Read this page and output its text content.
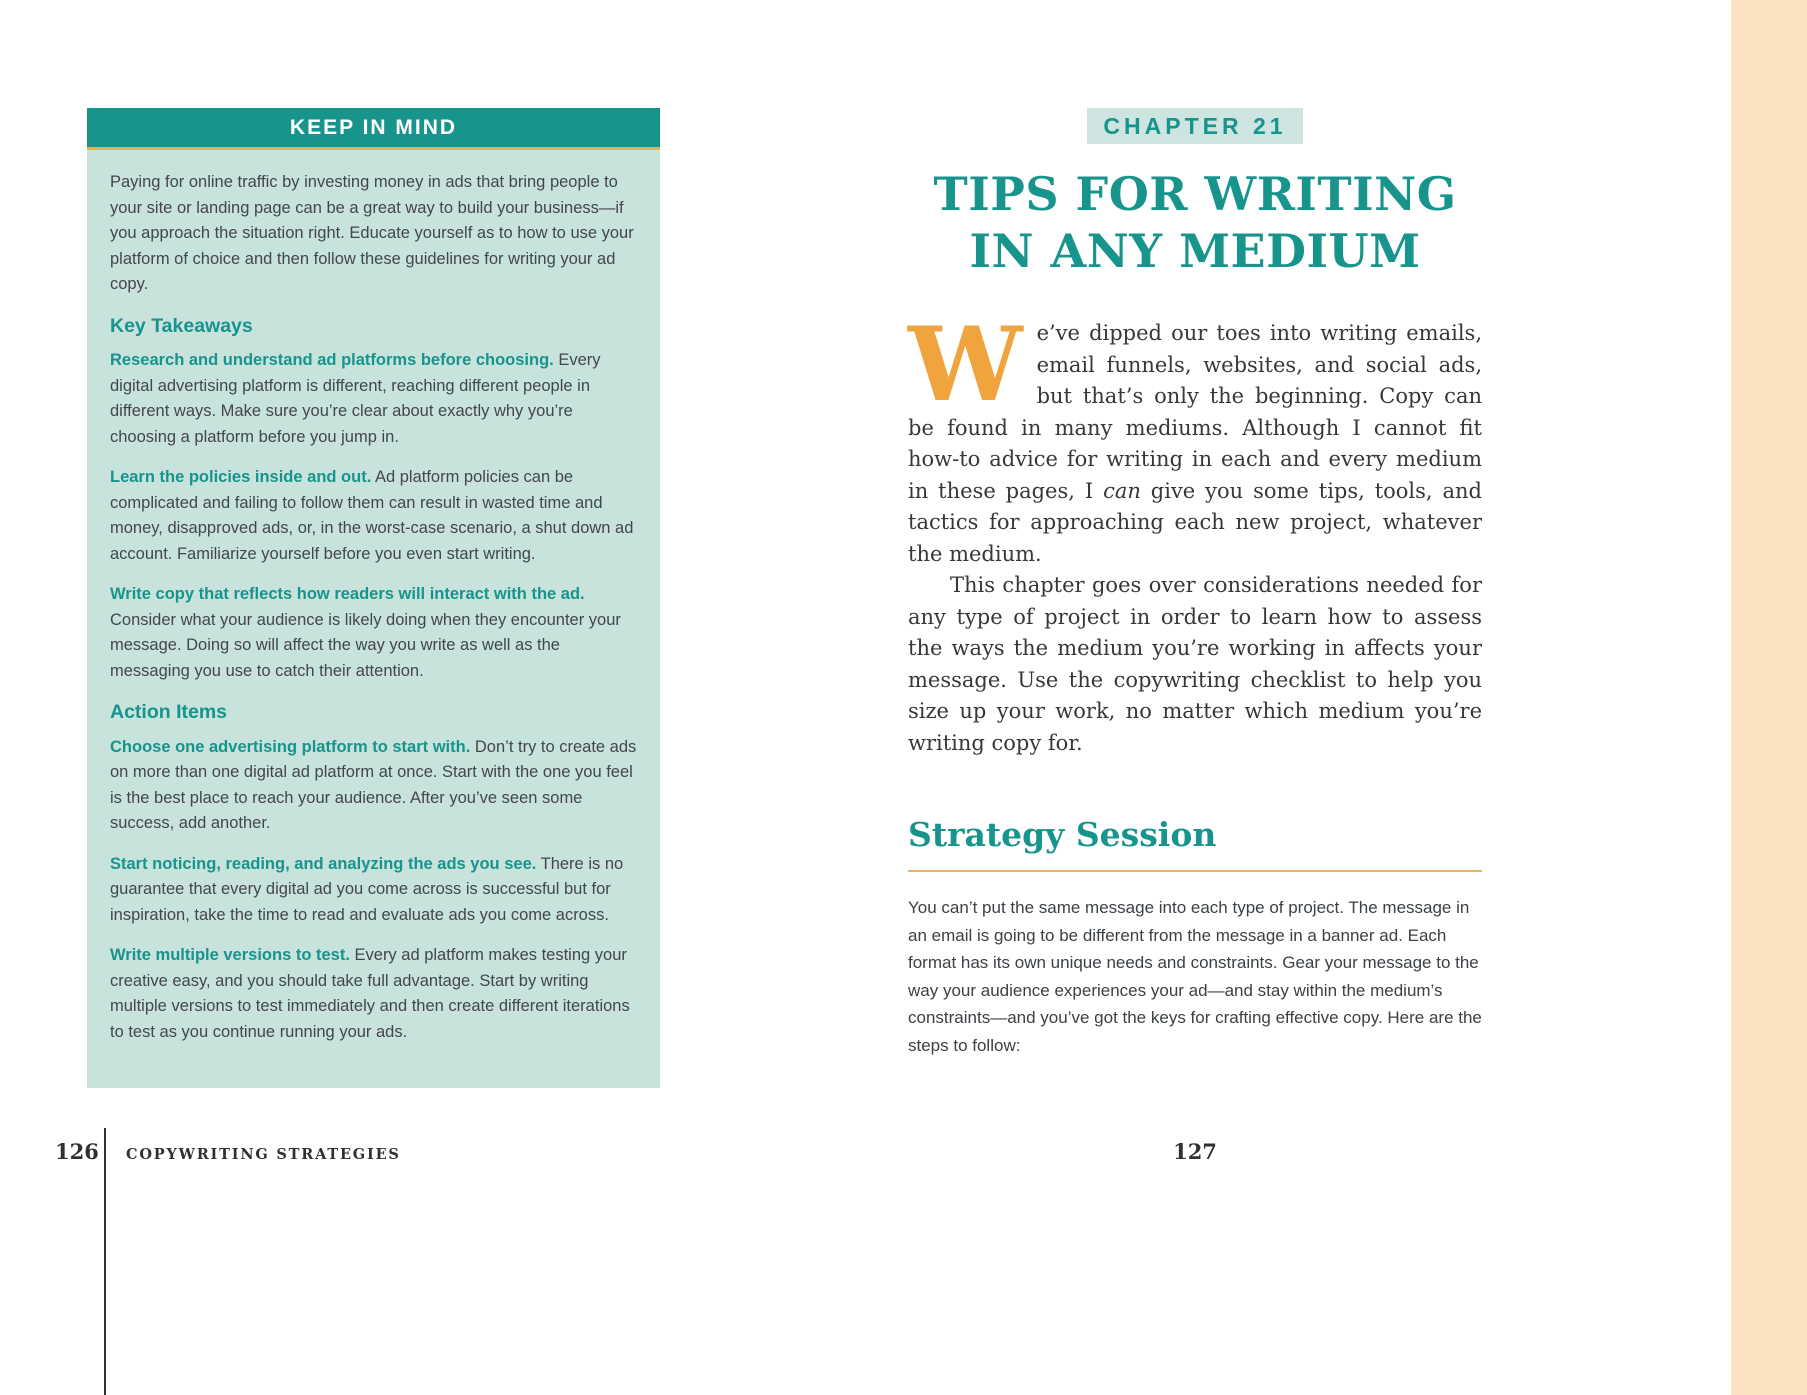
KEEP IN MIND

Paying for online traffic by investing money in ads that bring people to your site or landing page can be a great way to build your business—if you approach the situation right. Educate yourself as to how to use your platform of choice and then follow these guidelines for writing your ad copy.

Key Takeaways

Research and understand ad platforms before choosing. Every digital advertising platform is different, reaching different people in different ways. Make sure you’re clear about exactly why you’re choosing a platform before you jump in.

Learn the policies inside and out. Ad platform policies can be complicated and failing to follow them can result in wasted time and money, disapproved ads, or, in the worst-case scenario, a shut down ad account. Familiarize yourself before you even start writing.

Write copy that reflects how readers will interact with the ad. Consider what your audience is likely doing when they encounter your message. Doing so will affect the way you write as well as the messaging you use to catch their attention.

Action Items

Choose one advertising platform to start with. Don’t try to create ads on more than one digital ad platform at once. Start with the one you feel is the best place to reach your audience. After you’ve seen some success, add another.

Start noticing, reading, and analyzing the ads you see. There is no guarantee that every digital ad you come across is successful but for inspiration, take the time to read and evaluate ads you come across.

Write multiple versions to test. Every ad platform makes testing your creative easy, and you should take full advantage. Start by writing multiple versions to test immediately and then create different iterations to test as you continue running your ads.

126 COPYWRITING STRATEGIES
CHAPTER 21
TIPS FOR WRITING
IN ANY MEDIUM

We’ve dipped our toes into writing emails, email funnels, websites, and social ads, but that’s only the beginning. Copy can be found in many mediums. Although I cannot fit how-to advice for writing in each and every medium in these pages, I can give you some tips, tools, and tactics for approaching each new project, whatever the medium.

This chapter goes over considerations needed for any type of project in order to learn how to assess the ways the medium you’re working in affects your message. Use the copywriting checklist to help you size up your work, no matter which medium you’re writing copy for.

Strategy Session

You can’t put the same message into each type of project. The message in an email is going to be different from the message in a banner ad. Each format has its own unique needs and constraints. Gear your message to the way your audience experiences your ad—and stay within the medium’s constraints—and you’ve got the keys for crafting effective copy. Here are the steps to follow:

127
